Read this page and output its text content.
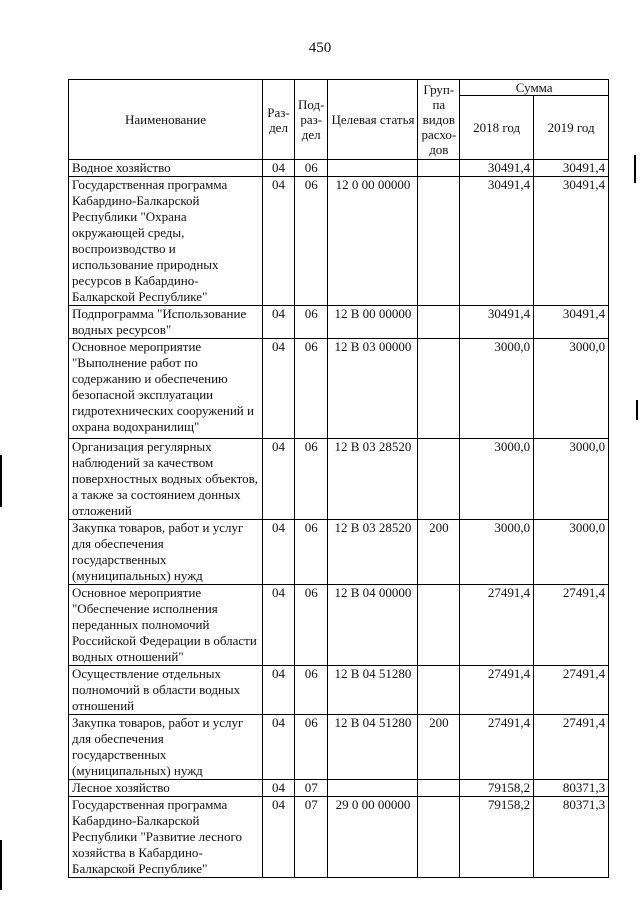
450
Наименование	Раз- дел	Под- раз- дел	Целевая статья	Груп- па видов расхо- дов	Сумма	
					2018 год	2019 год
Водное хозяйство	04	06			30491,4	30491,4
Государственная программа Кабардино-Балкарской Республики "Охрана окружающей среды, воспроизводство и использование природных ресурсов в Кабардино-Балкарской Республике"	04	06	12 0 00 00000		30491,4	30491,4
Подпрограмма "Использование водных ресурсов"	04	06	12 В 00 00000		30491,4	30491,4
Основное мероприятие "Выполнение работ по содержанию и обеспечению безопасной эксплуатации гидротехнических сооружений и охрана водохранилищ"	04	06	12 В 03 00000		3000,0	3000,0
Организация регулярных наблюдений за качеством поверхностных водных объектов, а также за состоянием донных отложений	04	06	12 В 03 28520		3000,0	3000,0
Закупка товаров, работ и услуг для обеспечения государственных (муниципальных) нужд	04	06	12 В 03 28520	200	3000,0	3000,0
Основное мероприятие "Обеспечение исполнения переданных полномочий Российской Федерации в области водных отношений"	04	06	12 В 04 00000		27491,4	27491,4
Осуществление отдельных полномочий в области водных отношений	04	06	12 В 04 51280		27491,4	27491,4
Закупка товаров, работ и услуг для обеспечения государственных (муниципальных) нужд	04	06	12 В 04 51280	200	27491,4	27491,4
Лесное хозяйство	04	07			79158,2	80371,3
Государственная программа Кабардино-Балкарской Республики "Развитие лесного хозяйства в Кабардино-Балкарской Республике"	04	07	29 0 00 00000		79158,2	80371,3
